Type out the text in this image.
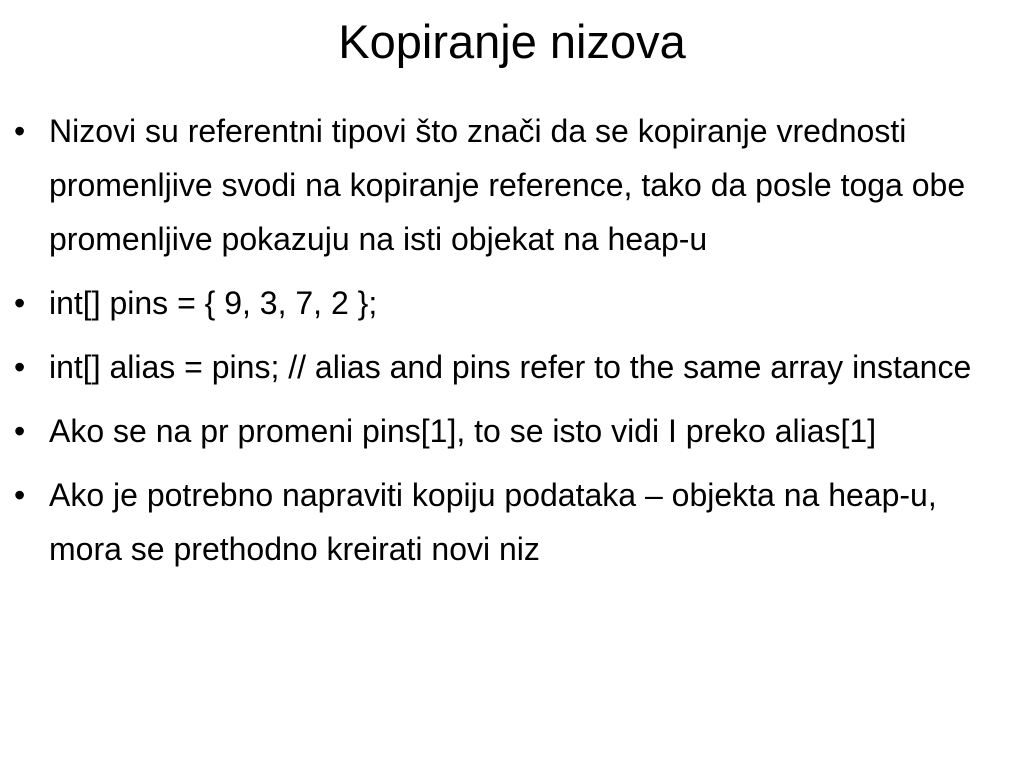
Kopiranje nizova
• Nizovi su referentni tipovi što znači da se kopiranje vrednosti promenljive svodi na kopiranje reference, tako da posle toga obe promenljive pokazuju na isti objekat na heap-u
• int[] pins = { 9, 3, 7, 2 };
• int[] alias = pins; // alias and pins refer to the same array instance
• Ako se na pr promeni pins[1], to se isto vidi I preko alias[1]
• Ako je potrebno napraviti kopiju podataka – objekta na heap-u, mora se prethodno kreirati novi niz
